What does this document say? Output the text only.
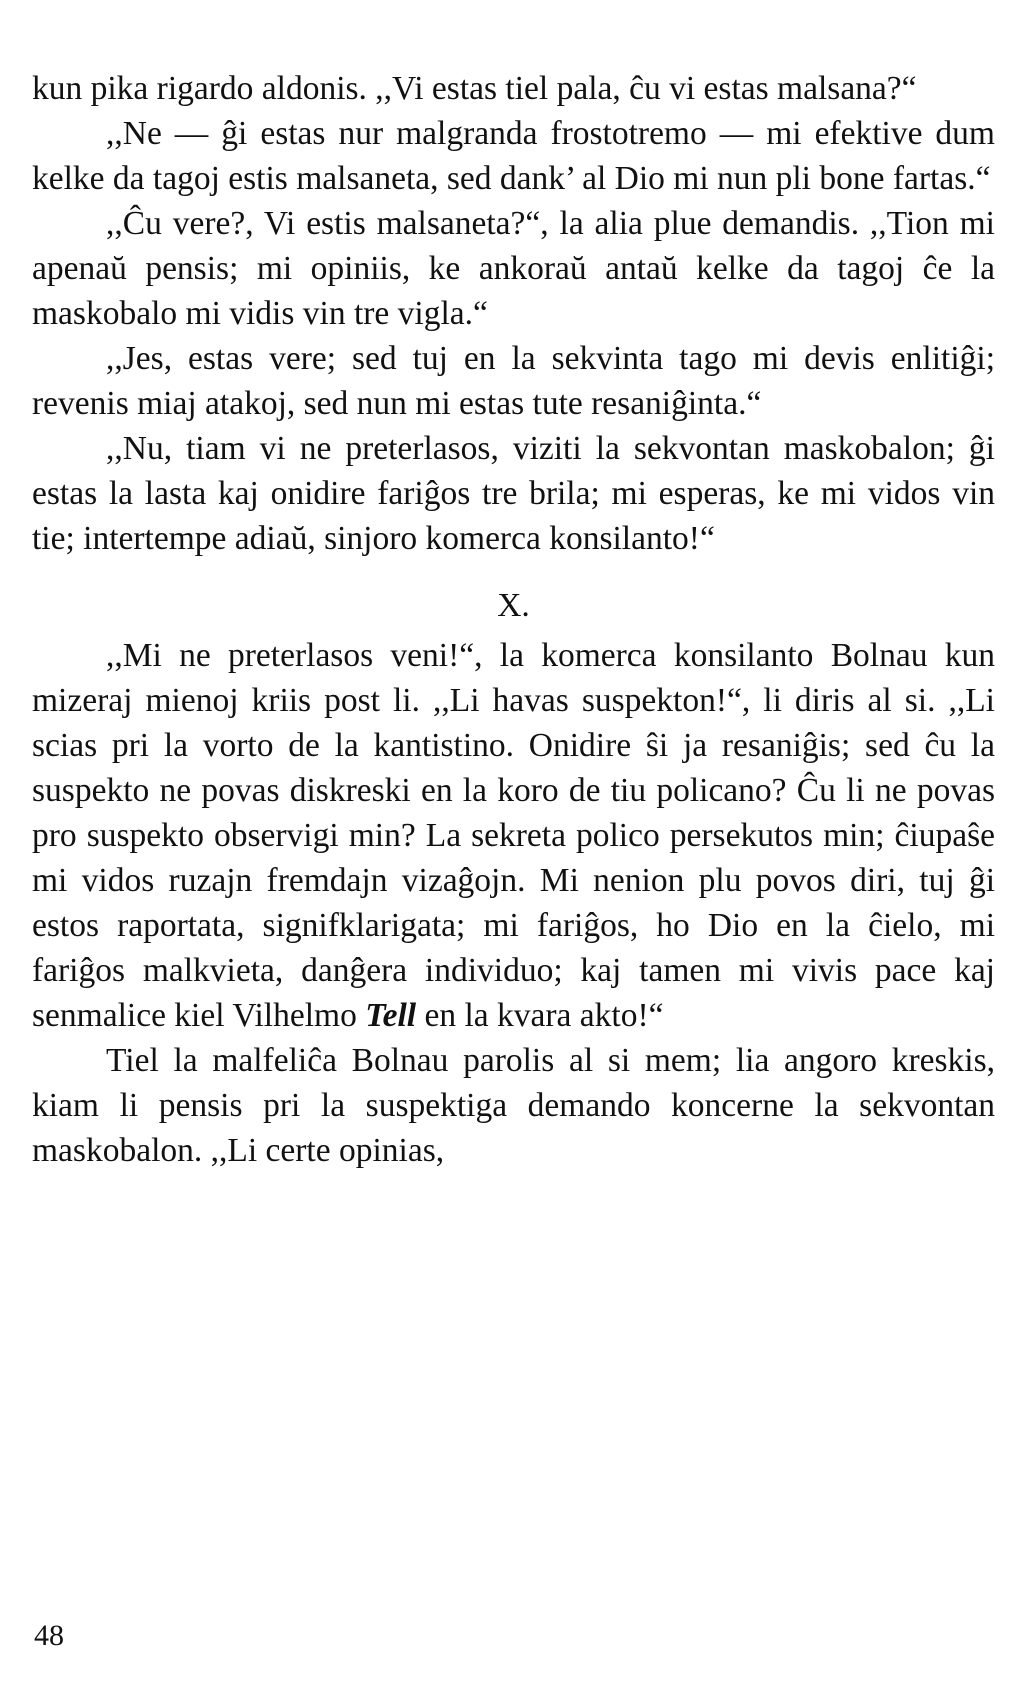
kun pika rigardo aldonis. ,,Vi estas tiel pala, ĉu vi estas malsana?“

,,Ne — ĝi estas nur malgranda frostotremo — mi efektive dum kelke da tagoj estis malsaneta, sed dank’ al Dio mi nun pli bone fartas.“

,,Ĉu vere?, Vi estis malsaneta?“, la alia plue demandis. ,,Tion mi apenaŭ pensis; mi opiniis, ke ankoraŭ antaŭ kelke da tagoj ĉe la maskobalo mi vidis vin tre vigla.“

,,Jes, estas vere; sed tuj en la sekvinta tago mi devis enlitiĝi; revenis miaj atakoj, sed nun mi estas tute resaniĝinta.“

,,Nu, tiam vi ne preterlasos, viziti la sekvontan maskobalon; ĝi estas la lasta kaj onidire fariĝos tre brila; mi esperas, ke mi vidos vin tie; intertempe adiaŭ, sinjoro komerca konsilanto!“

X.

,,Mi ne preterlasos veni!“, la komerca konsilanto Bolnau kun mizeraj mienoj kriis post li. ,,Li havas suspekton!“, li diris al si. ,,Li scias pri la vorto de la kantistino. Onidire ŝi ja resaniĝis; sed ĉu la suspekto ne povas diskreski en la koro de tiu policano? Ĉu li ne povas pro suspekto observigi min? La sekreta polico persekutos min; ĉiupaŝe mi vidos ruzajn fremdajn vizaĝojn. Mi nenion plu povos diri, tuj ĝi estos raportata, signifklarigata; mi fariĝos, ho Dio en la ĉielo, mi fariĝos malkvieta, danĝera individuo; kaj tamen mi vivis pace kaj senmalice kiel Vilhelmo Tell en la kvara akto!“

Tiel la malfeliĉa Bolnau parolis al si mem; lia angoro kreskis, kiam li pensis pri la suspektiga demando koncerne la sekvontan maskobalon. ,,Li certe opinias,

48
